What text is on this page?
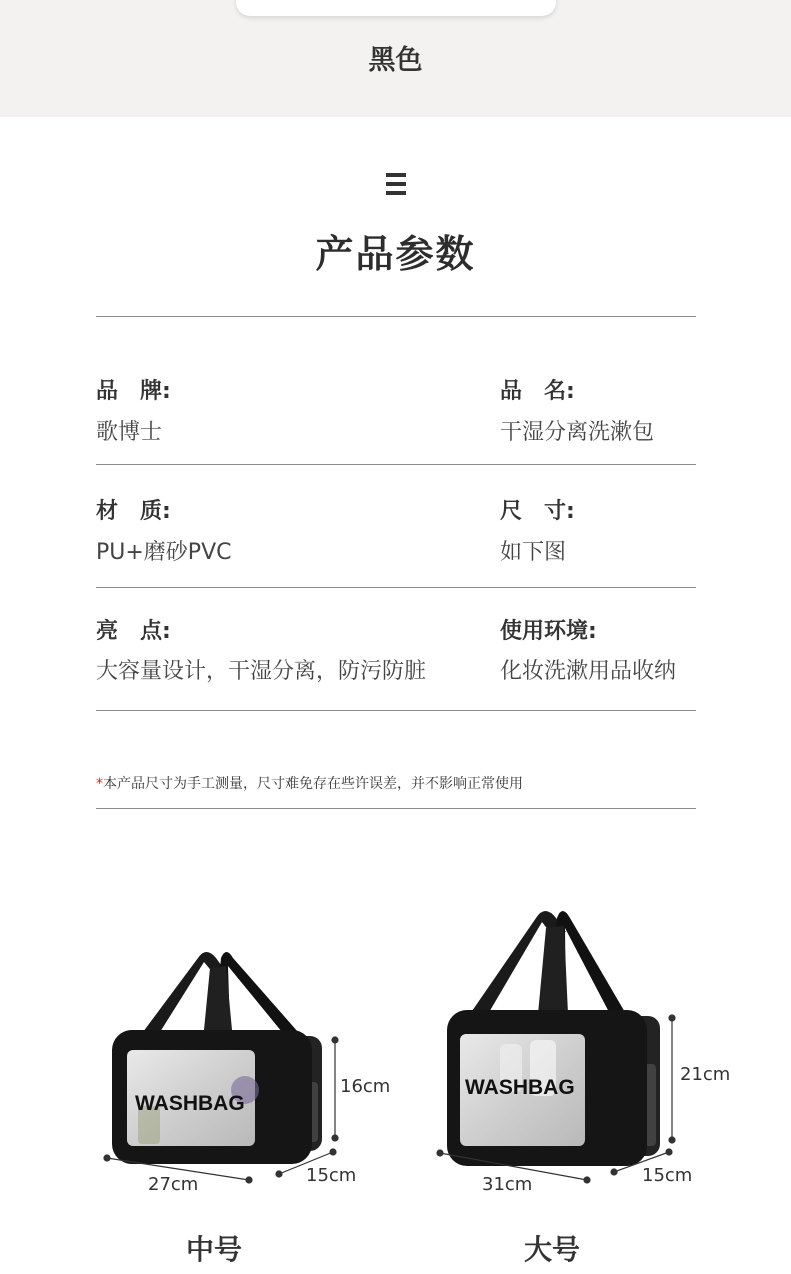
黑色
产品参数
品　牌:
歌博士
品　名:
干湿分离洗漱包
材　质:
PU+磨砂PVC
尺　寸:
如下图
亮　点:
大容量设计，干湿分离，防污防脏
使用环境:
化妆洗漱用品收纳
*本产品尺寸为手工测量，尺寸难免存在些许误差，并不影响正常使用
WASHBAG
WASHBAG
16cm
27cm	15cm
中号
21cm
31cm	15cm
大号
